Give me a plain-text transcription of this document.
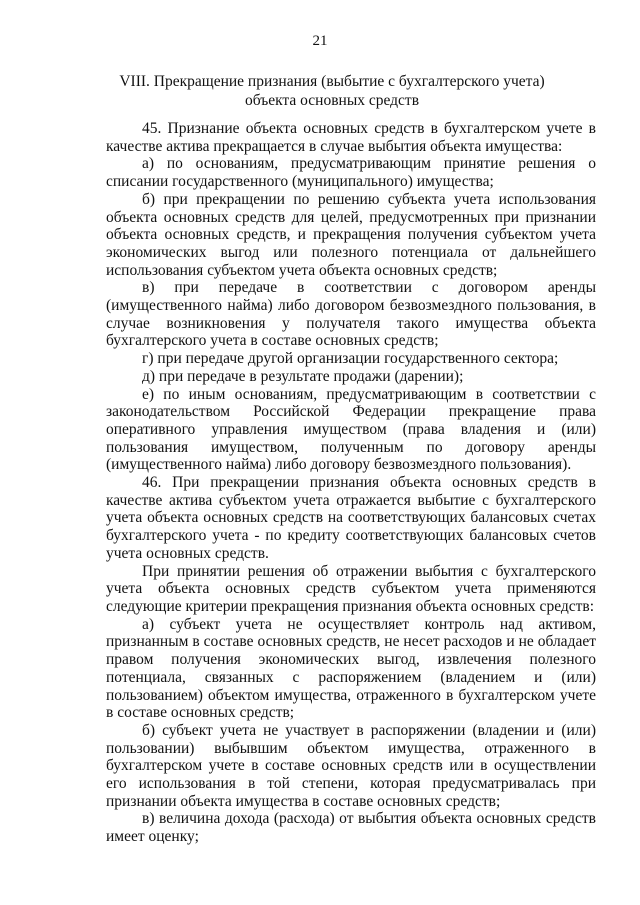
21
VIII. Прекращение признания (выбытие с бухгалтерского учета)
объекта основных средств

45. Признание объекта основных средств в бухгалтерском учете в качестве актива прекращается в случае выбытия объекта имущества:

а) по основаниям, предусматривающим принятие решения о списании государственного (муниципального) имущества;

б) при прекращении по решению субъекта учета использования объекта основных средств для целей, предусмотренных при признании объекта основных средств, и прекращения получения субъектом учета экономических выгод или полезного потенциала от дальнейшего использования субъектом учета объекта основных средств;

в) при передаче в соответствии с договором аренды (имущественного найма) либо договором безвозмездного пользования, в случае возникновения у получателя такого имущества объекта бухгалтерского учета в составе основных средств;

г) при передаче другой организации государственного сектора;

д) при передаче в результате продажи (дарении);

е) по иным основаниям, предусматривающим в соответствии с законодательством Российской Федерации прекращение права оперативного управления имуществом (права владения и (или) пользования имуществом, полученным по договору аренды (имущественного найма) либо договору безвозмездного пользования).

46. При прекращении признания объекта основных средств в качестве актива субъектом учета отражается выбытие с бухгалтерского учета объекта основных средств на соответствующих балансовых счетах бухгалтерского учета - по кредиту соответствующих балансовых счетов учета основных средств.

При принятии решения об отражении выбытия с бухгалтерского учета объекта основных средств субъектом учета применяются следующие критерии прекращения признания объекта основных средств:

а) субъект учета не осуществляет контроль над активом, признанным в составе основных средств, не несет расходов и не обладает правом получения экономических выгод, извлечения полезного потенциала, связанных с распоряжением (владением и (или) пользованием) объектом имущества, отраженного в бухгалтерском учете в составе основных средств;

б) субъект учета не участвует в распоряжении (владении и (или) пользовании) выбывшим объектом имущества, отраженного в бухгалтерском учете в составе основных средств или в осуществлении его использования в той степени, которая предусматривалась при признании объекта имущества в составе основных средств;

в) величина дохода (расхода) от выбытия объекта основных средств имеет оценку;
